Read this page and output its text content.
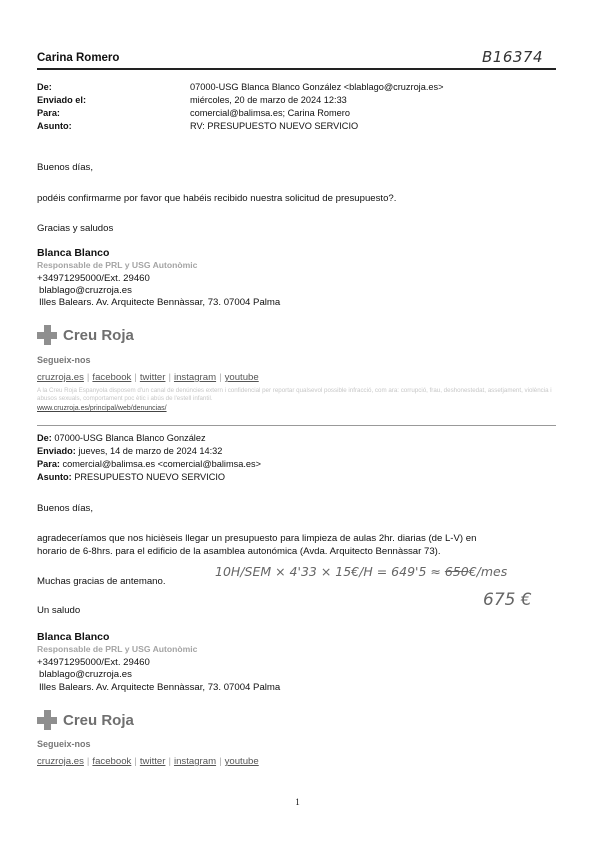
Carina Romero	B16374
De:	07000-USG Blanca Blanco González <blablago@cruzroja.es>
Enviado el:	miércoles, 20 de marzo de 2024 12:33
Para:	comercial@balimsa.es; Carina Romero
Asunto:	RV: PRESUPUESTO NUEVO SERVICIO
Buenos días,
podéis confirmarme por favor que habéis recibido nuestra solicitud de presupuesto?.
Gracias y saludos
Blanca Blanco
Responsable de PRL y USG Autonòmic
+34971295000/Ext. 29460
blablago@cruzroja.es
Illes Balears. Av. Arquitecte Bennàssar, 73. 07004 Palma
Creu Roja
Segueix-nos
cruzroja.es | facebook | twitter | instagram | youtube
A la Creu Roja Espanyola disposem d'un canal de denúncies extern i confidencial per reportar qualsevol possible infracció, com ara: corrupció, frau, deshonestedat, assetjament, violència i abusos sexuals, comportament poc ètic i abús de l'estell infantil.
www.cruzroja.es/principal/web/denuncias/
De: 07000-USG Blanca Blanco González
Enviado: jueves, 14 de marzo de 2024 14:32
Para: comercial@balimsa.es <comercial@balimsa.es>
Asunto: PRESUPUESTO NUEVO SERVICIO
Buenos días,
agradeceríamos que nos hicièseis llegar un presupuesto para limpieza de aulas 2hr. diarias (de L-V) en
horario de 6-8hrs. para el edificio de la asamblea autonómica (Avda. Arquitecto Bennàssar 73).
Muchas gracias de antemano.
Un saludo
10H/SEM × 4'33 × 15€/H = 649'5 ≈ 650€/mes
675 €
Blanca Blanco
Responsable de PRL y USG Autonòmic
+34971295000/Ext. 29460
blablago@cruzroja.es
Illes Balears. Av. Arquitecte Bennàssar, 73. 07004 Palma
Creu Roja
Segueix-nos
cruzroja.es | facebook | twitter | instagram | youtube
1
